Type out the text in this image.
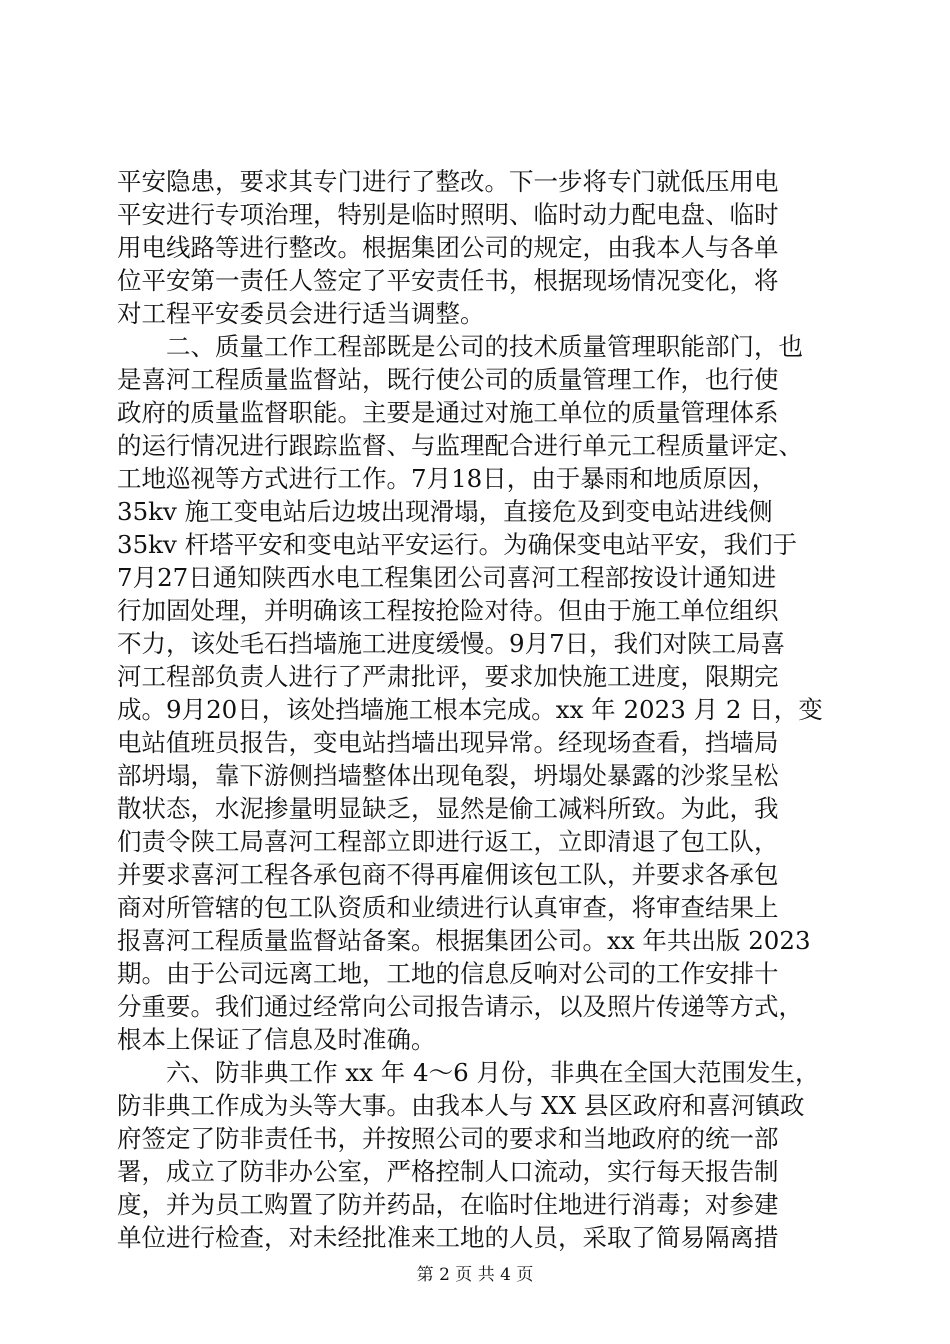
平安隐患，要求其专门进行了整改。下一步将专门就低压用电

平安进行专项治理，特别是临时照明、临时动力配电盘、临时

用电线路等进行整改。根据集团公司的规定，由我本人与各单

位平安第一责任人签定了平安责任书，根据现场情况变化，将

对工程平安委员会进行适当调整。

　　二、质量工作工程部既是公司的技术质量管理职能部门，也

是喜河工程质量监督站，既行使公司的质量管理工作，也行使

政府的质量监督职能。主要是通过对施工单位的质量管理体系

的运行情况进行跟踪监督、与监理配合进行单元工程质量评定、

工地巡视等方式进行工作。7月18日，由于暴雨和地质原因，

35kv 施工变电站后边坡出现滑塌，直接危及到变电站进线侧

35kv 杆塔平安和变电站平安运行。为确保变电站平安，我们于

7月27日通知陕西水电工程集团公司喜河工程部按设计通知进

行加固处理，并明确该工程按抢险对待。但由于施工单位组织

不力，该处毛石挡墙施工进度缓慢。9月7日，我们对陕工局喜

河工程部负责人进行了严肃批评，要求加快施工进度，限期完

成。9月20日，该处挡墙施工根本完成。xx 年 2023 月 2 日，变

电站值班员报告，变电站挡墙出现异常。经现场查看，挡墙局

部坍塌，靠下游侧挡墙整体出现龟裂，坍塌处暴露的沙浆呈松

散状态，水泥掺量明显缺乏，显然是偷工减料所致。为此，我

们责令陕工局喜河工程部立即进行返工，立即清退了包工队，

并要求喜河工程各承包商不得再雇佣该包工队，并要求各承包

商对所管辖的包工队资质和业绩进行认真审查，将审查结果上

报喜河工程质量监督站备案。根据集团公司。xx 年共出版 2023

期。由于公司远离工地，工地的信息反响对公司的工作安排十

分重要。我们通过经常向公司报告请示，以及照片传递等方式，

根本上保证了信息及时准确。

　　六、防非典工作 xx 年 4～6 月份，非典在全国大范围发生，

防非典工作成为头等大事。由我本人与 XX 县区政府和喜河镇政

府签定了防非责任书，并按照公司的要求和当地政府的统一部

署，成立了防非办公室，严格控制人口流动，实行每天报告制

度，并为员工购置了防并药品，在临时住地进行消毒；对参建

单位进行检查，对未经批准来工地的人员，采取了简易隔离措

第 2 页 共 4 页
